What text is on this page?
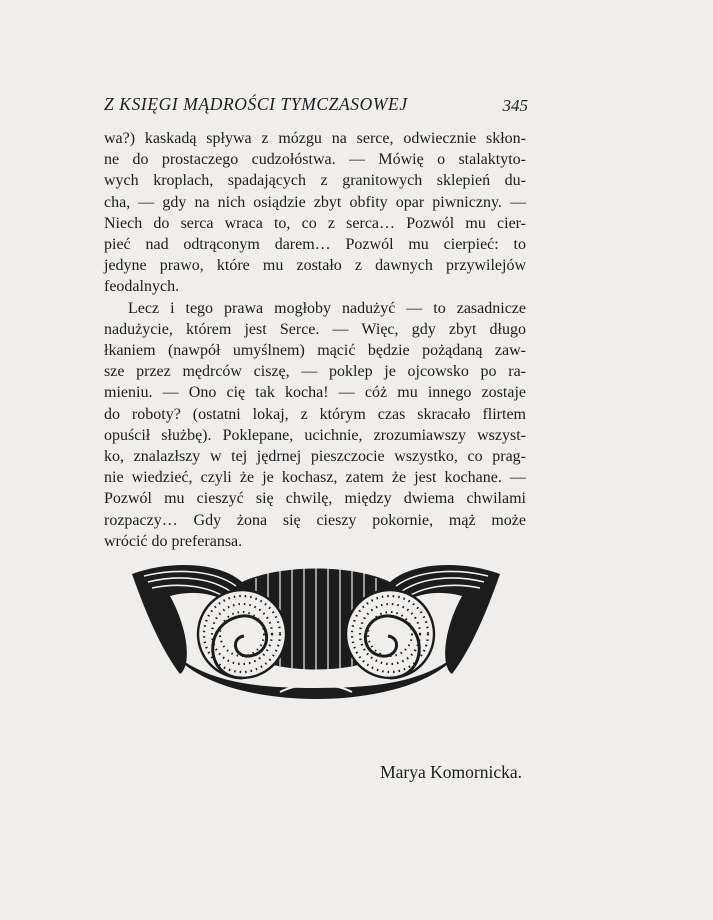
Z KSIĘGI MĄDROŚCI TYMCZASOWEJ	345
wa?) kaskadą spływa z mózgu na serce, odwiecznie skłon-
ne do prostaczego cudzołóstwa. — Mówię o stalaktyto-
wych kroplach, spadających z granitowych sklepień du-
cha, — gdy na nich osiądzie zbyt obfity opar piwniczny. —
Niech do serca wraca to, co z serca… Pozwól mu cier-
pieć nad odtrąconym darem… Pozwól mu cierpieć: to
jedyne prawo, które mu zostało z dawnych przywilejów
feodalnych.
Lecz i tego prawa mogłoby nadużyć — to zasadnicze
nadużycie, którem jest Serce. — Więc, gdy zbyt długo
łkaniem (nawpół umyślnem) mącić będzie pożądaną zaw-
sze przez mędrców ciszę, — poklep je ojcowsko po ra-
mieniu. — Ono cię tak kocha! — cóż mu innego zostaje
do roboty? (ostatni lokaj, z którym czas skracało flirtem
opuścił służbę). Poklepane, ucichnie, zrozumiawszy wszyst-
ko, znalazłszy w tej jędrnej pieszczocie wszystko, co prag-
nie wiedzieć, czyli że je kochasz, zatem że jest kochane. —
Pozwól mu cieszyć się chwilę, między dwiema chwilami
rozpaczy… Gdy żona się cieszy pokornie, mąż może
wrócić do preferansa.
Marya Komornicka.
